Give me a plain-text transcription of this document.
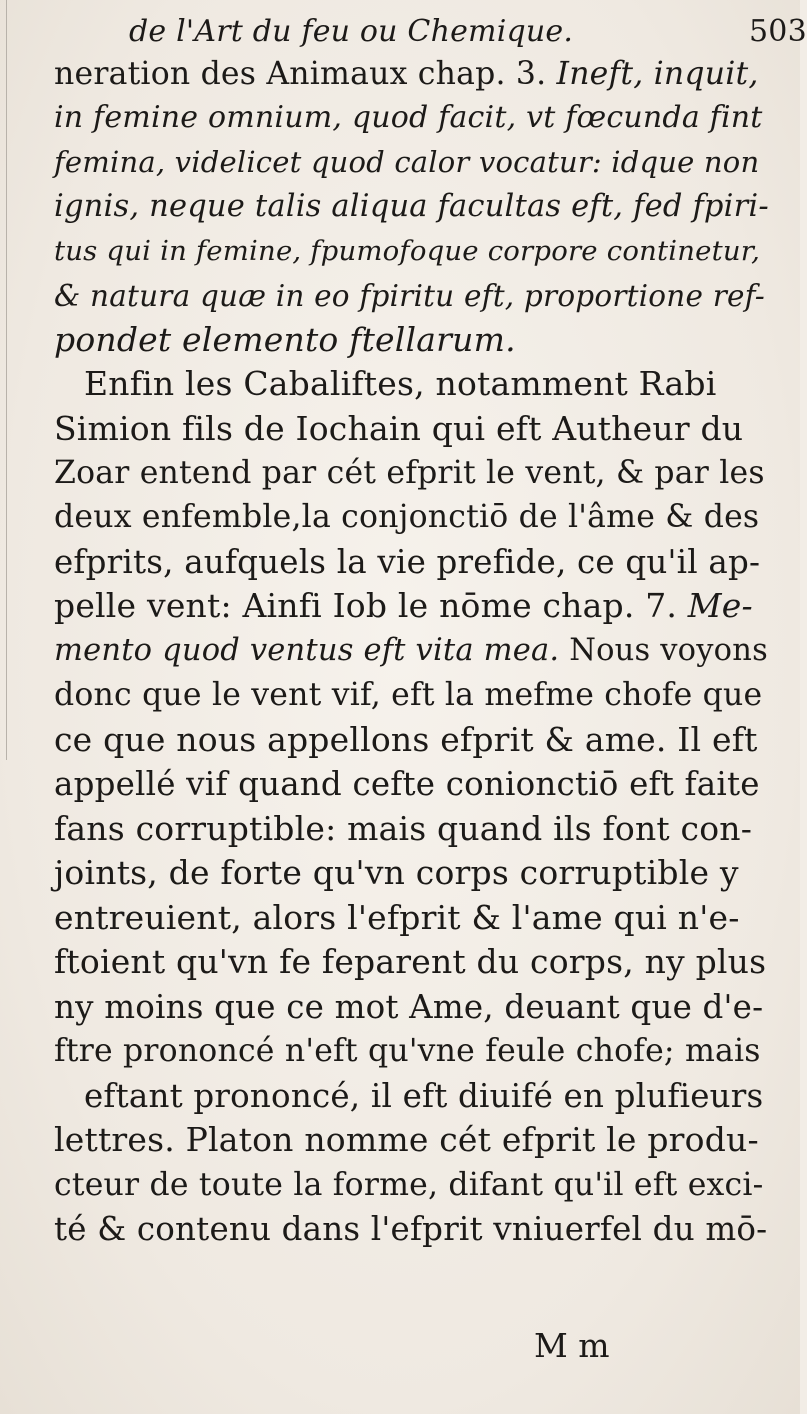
de l'Art du feu ou Chemique.	503
neration des Animaux chap. 3. Ineft, inquit,
in femine omnium, quod facit, vt fœcunda fint
femina, videlicet quod calor vocatur: idque non
ignis, neque talis aliqua facultas eft, fed fpiri-
tus qui in femine, fpumofoque corpore continetur,
& natura quæ in eo fpiritu eft, proportione ref-
pondet elemento ftellarum.
Enfin les Cabaliftes, notamment Rabi
Simion fils de Iochain qui eft Autheur du
Zoar entend par cét efprit le vent, & par les
deux enfemble,la conjonctiō de l'âme & des
efprits, aufquels la vie prefide, ce qu'il ap-
pelle vent: Ainfi Iob le nōme chap. 7. Me-
mento quod ventus eft vita mea. Nous voyons
donc que le vent vif, eft la mefme chofe que
ce que nous appellons efprit & ame. Il eft
appellé vif quand cefte conionctiō eft faite
fans corruptible: mais quand ils font con-
joints, de forte qu'vn corps corruptible y
entreuient, alors l'efprit & l'ame qui n'e-
ftoient qu'vn fe feparent du corps, ny plus
ny moins que ce mot Ame, deuant que d'e-
ftre prononcé n'eft qu'vne feule chofe; mais
eftant prononcé, il eft diuifé en plufieurs
lettres. Platon nomme cét efprit le produ-
cteur de toute la forme, difant qu'il eft exci-
té & contenu dans l'efprit vniuerfel du mō-
M m
